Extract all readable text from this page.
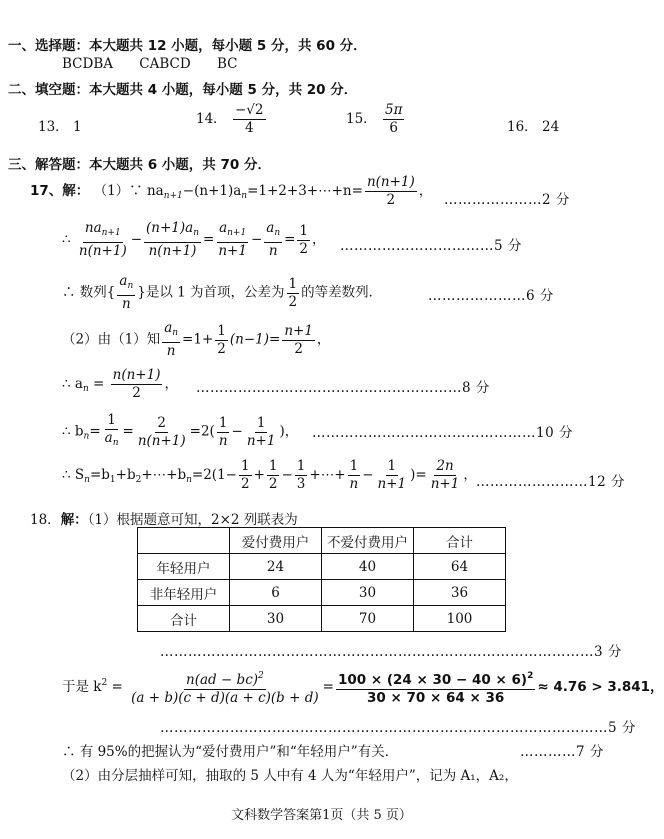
一、选择题：本大题共 12 小题，每小题 5 分，共 60 分．
BCDBA CABCD BC
二、填空题：本大题共 4 小题，每小题 5 分，共 20 分．
13． 1	14． $\frac{-√2}{4}$	15． $\frac{5\pi}{6}$	16． 24
三、解答题：本大题共 6 小题，共 70 分．
17、解： （1）∵ $na_{n+1}-(n+1)a_n=1+2+3+\cdots+n= \frac{n(n+1)}{2}$ ，
…………………2 分
∴ $\frac{na_{n+1}}{n(n+1)} - \frac{(n+1)a_n}{n(n+1)} = \frac{a_{n+1}}{n+1} - \frac{a_n}{n} = \frac{1}{2}$ ， ……………………………5 分
∴ 数列{ $\frac{a_n}{n}$ }是以 1 为首项，公差为 $\frac{1}{2}$ 的等差数列．	…………………6 分
（2）由（1）知 $\frac{a_n}{n} =1+ \frac{1}{2} (n-1)= \frac{n+1}{2}$ ，
∴ $a_n = \frac{n(n+1)}{2}$ ， …………………………………………………8 分
∴ $b_n= \frac{1}{a_n} = \frac{2}{n(n+1)} =2( \frac{1}{n} - \frac{1}{n+1}$ )， …………………………………………10 分
∴ $S_n=b_1+b_2+\cdots+b_n=2(1- \frac{1}{2} + \frac{1}{2} - \frac{1}{3}$ +⋯+ $\frac{1}{n} - \frac{1}{n+1}$ )= $\frac{2n}{n+1}$ ， ……………………12 分
18．解：（1）根据题意可知，2×2 列联表为
	爱付费用户	不爱付费用户	合计
年轻用户	24	40	64
非年轻用户	6	30	36
合计	30	70	100
…………………………………………………………………………………3 分
于是 $k^2 = \frac{n(ad - bc)^2}{(a + b)(c + d)(a + c)(b + d)} = \frac{100 \times (24 \times 30 - 40 \times 6)^2}{30 \times 70 \times 64 \times 36} \approx 4.76 > 3.841$，
……………………………………………………………………………………5 分
∴ 有 95%的把握认为“爱付费用户”和“年轻用户”有关．	…………7 分
（2）由分层抽样可知，抽取的 5 人中有 4 人为“年轻用户”，记为 A₁，A₂，
文科数学答案第1页（共 5 页）
